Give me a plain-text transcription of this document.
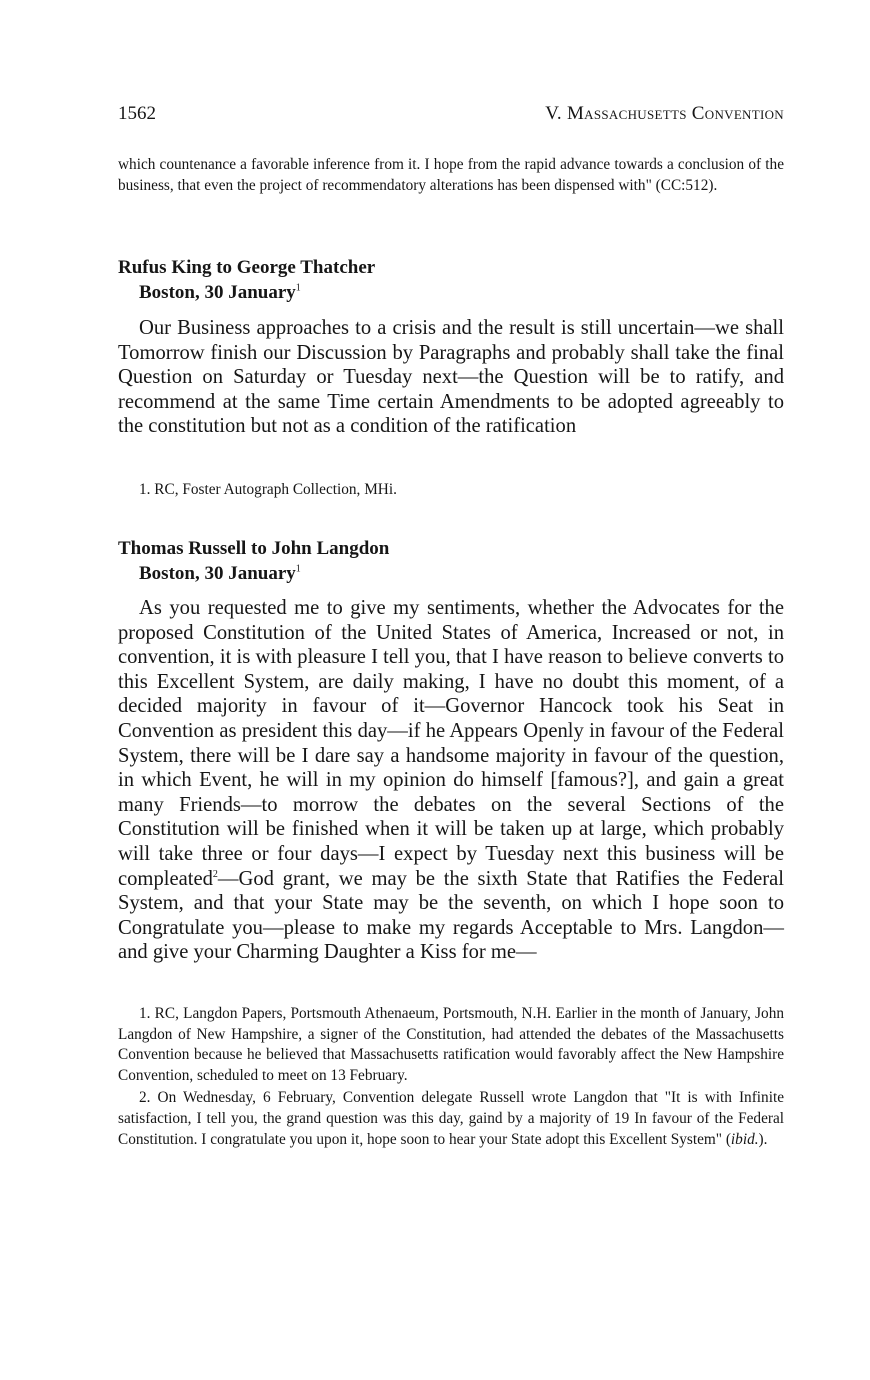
1562	V. Massachusetts Convention
which countenance a favorable inference from it. I hope from the rapid advance towards a conclusion of the business, that even the project of recommendatory alterations has been dispensed with" (CC:512).
Rufus King to George Thatcher
Boston, 30 January$^1$

Our Business approaches to a crisis and the result is still uncertain—we shall Tomorrow finish our Discussion by Paragraphs and probably shall take the final Question on Saturday or Tuesday next—the Question will be to ratify, and recommend at the same Time certain Amendments to be adopted agreeably to the constitution but not as a condition of the ratification

1. RC, Foster Autograph Collection, MHi.

Thomas Russell to John Langdon
Boston, 30 January$^1$

As you requested me to give my sentiments, whether the Advocates for the proposed Constitution of the United States of America, Increased or not, in convention, it is with pleasure I tell you, that I have reason to believe converts to this Excellent System, are daily making, I have no doubt this moment, of a decided majority in favour of it—Governor Hancock took his Seat in Convention as president this day—if he Appears Openly in favour of the Federal System, there will be I dare say a handsome majority in favour of the question, in which Event, he will in my opinion do himself [famous?], and gain a great many Friends—to morrow the debates on the several Sections of the Constitution will be finished when it will be taken up at large, which probably will take three or four days—I expect by Tuesday next this business will be compleated$^2$—God grant, we may be the sixth State that Ratifies the Federal System, and that your State may be the seventh, on which I hope soon to Congratulate you—please to make my regards Acceptable to Mrs. Langdon—and give your Charming Daughter a Kiss for me—

1. RC, Langdon Papers, Portsmouth Athenaeum, Portsmouth, N.H. Earlier in the month of January, John Langdon of New Hampshire, a signer of the Constitution, had attended the debates of the Massachusetts Convention because he believed that Massachusetts ratification would favorably affect the New Hampshire Convention, scheduled to meet on 13 February.

2. On Wednesday, 6 February, Convention delegate Russell wrote Langdon that "It is with Infinite satisfaction, I tell you, the grand question was this day, gaind by a majority of 19 In favour of the Federal Constitution. I congratulate you upon it, hope soon to hear your State adopt this Excellent System" (ibid.).
